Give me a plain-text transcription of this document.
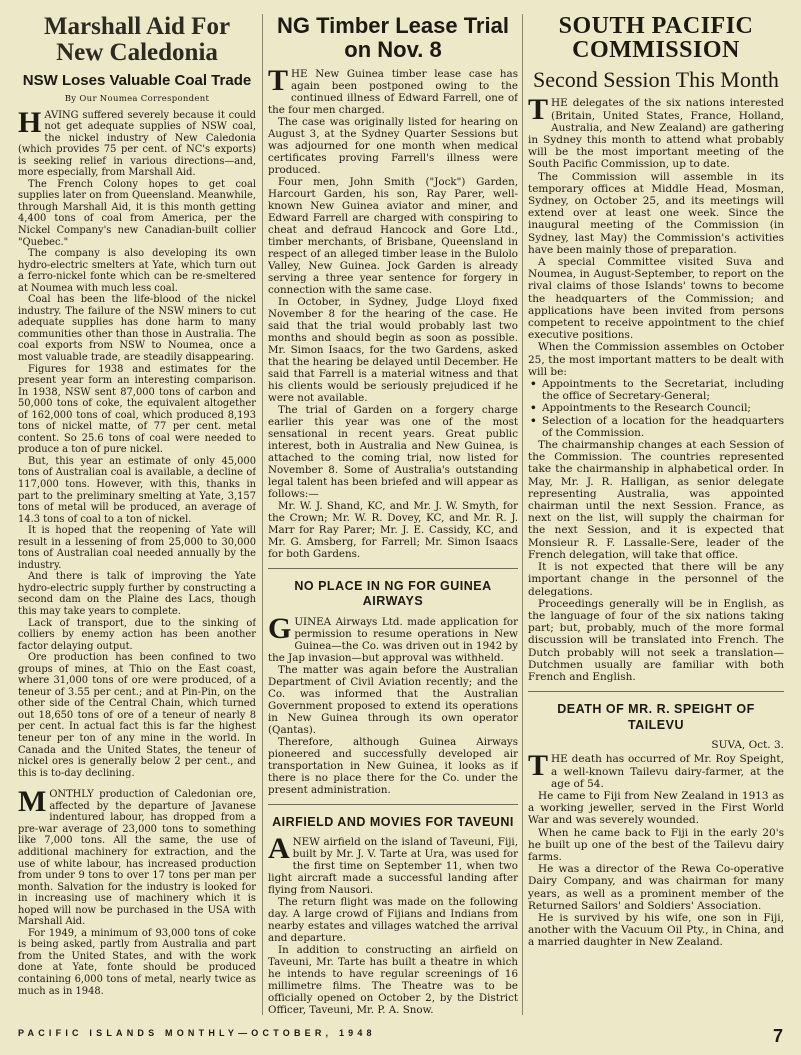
Marshall Aid For New Caledonia
NSW Loses Valuable Coal Trade
By Our Noumea Correspondent

HAVING suffered severely because it could not get adequate supplies of NSW coal, the nickel industry of New Caledonia (which provides 75 per cent. of NC's exports) is seeking relief in various directions—and, more especially, from Marshall Aid.

The French Colony hopes to get coal supplies later on from Queensland. Meanwhile, through Marshall Aid, it is this month getting 4,400 tons of coal from America, per the Nickel Company's new Canadian-built collier "Quebec."

The company is also developing its own hydro-electric smelters at Yate, which turn out a ferro-nickel fonte which can be re-smeltered at Noumea with much less coal.

Coal has been the life-blood of the nickel industry. The failure of the NSW miners to cut adequate supplies has done harm to many communities other than those in Australia. The coal exports from NSW to Noumea, once a most valuable trade, are steadily disappearing.

Figures for 1938 and estimates for the present year form an interesting comparison. In 1938, NSW sent 87,000 tons of carbon and 50,000 tons of coke, the equivalent altogether of 162,000 tons of coal, which produced 8,193 tons of nickel matte, of 77 per cent. metal content. So 25.6 tons of coal were needed to produce a ton of pure nickel.

But, this year an estimate of only 45,000 tons of Australian coal is available, a decline of 117,000 tons. However, with this, thanks in part to the preliminary smelting at Yate, 3,157 tons of metal will be produced, an average of 14.3 tons of coal to a ton of nickel.

It is hoped that the reopening of Yate will result in a lessening of from 25,000 to 30,000 tons of Australian coal needed annually by the industry.

And there is talk of improving the Yate hydro-electric supply further by constructing a second dam on the Plaine des Lacs, though this may take years to complete.

Lack of transport, due to the sinking of colliers by enemy action has been another factor delaying output.

Ore production has been confined to two groups of mines, at Thio on the East coast, where 31,000 tons of ore were produced, of a teneur of 3.55 per cent.; and at Pin-Pin, on the other side of the Central Chain, which turned out 18,650 tons of ore of a teneur of nearly 8 per cent. In actual fact this is far the highest teneur per ton of any mine in the world. In Canada and the United States, the teneur of nickel ores is generally below 2 per cent., and this is to-day declining.

MONTHLY production of Caledonian ore, affected by the departure of Javanese indentured labour, has dropped from a pre-war average of 23,000 tons to something like 7,000 tons. All the same, the use of additional machinery for extraction, and the use of white labour, has increased production from under 9 tons to over 17 tons per man per month. Salvation for the industry is looked for in increasing use of machinery which it is hoped will now be purchased in the USA with Marshall Aid.

For 1949, a minimum of 93,000 tons of coke is being asked, partly from Australia and part from the United States, and with the work done at Yate, fonte should be produced containing 6,000 tons of metal, nearly twice as much as in 1948.

NG Timber Lease Trial on Nov. 8

THE New Guinea timber lease case has again been postponed owing to the continued illness of Edward Farrell, one of the four men charged.

The case was originally listed for hearing on August 3, at the Sydney Quarter Sessions but was adjourned for one month when medical certificates proving Farrell's illness were produced.

Four men, John Smith ("Jock") Garden, Harcourt Garden, his son, Ray Parer, well-known New Guinea aviator and miner, and Edward Farrell are charged with conspiring to cheat and defraud Hancock and Gore Ltd., timber merchants, of Brisbane, Queensland in respect of an alleged timber lease in the Bulolo Valley, New Guinea. Jock Garden is already serving a three year sentence for forgery in connection with the same case.

In October, in Sydney, Judge Lloyd fixed November 8 for the hearing of the case. He said that the trial would probably last two months and should begin as soon as possible. Mr. Simon Isaacs, for the two Gardens, asked that the hearing be delayed until December. He said that Farrell is a material witness and that his clients would be seriously prejudiced if he were not available.

The trial of Garden on a forgery charge earlier this year was one of the most sensational in recent years. Great public interest, both in Australia and New Guinea, is attached to the coming trial, now listed for November 8. Some of Australia's outstanding legal talent has been briefed and will appear as follows:—

Mr. W. J. Shand, KC, and Mr. J. W. Smyth, for the Crown; Mr. W. R. Dovey, KC, and Mr. R. J. Marr for Ray Parer; Mr. J. E. Cassidy, KC, and Mr. G. Amsberg, for Farrell; Mr. Simon Isaacs for both Gardens.

NO PLACE IN NG FOR GUINEA AIRWAYS

GUINEA Airways Ltd. made application for permission to resume operations in New Guinea—the Co. was driven out in 1942 by the Jap invasion—but approval was withheld.

The matter was again before the Australian Department of Civil Aviation recently; and the Co. was informed that the Australian Government proposed to extend its operations in New Guinea through its own operator (Qantas).

Therefore, although Guinea Airways pioneered and successfully developed air transportation in New Guinea, it looks as if there is no place there for the Co. under the present administration.

AIRFIELD AND MOVIES FOR TAVEUNI

ANEW airfield on the island of Taveuni, Fiji, built by Mr. J. V. Tarte at Ura, was used for the first time on September 11, when two light aircraft made a successful landing after flying from Nausori.

The return flight was made on the following day. A large crowd of Fijians and Indians from nearby estates and villages watched the arrival and departure.

In addition to constructing an airfield on Taveuni, Mr. Tarte has built a theatre in which he intends to have regular screenings of 16 millimetre films. The Theatre was to be officially opened on October 2, by the District Officer, Taveuni, Mr. P. A. Snow.

SOUTH PACIFIC COMMISSION
Second Session This Month

THE delegates of the six nations interested (Britain, United States, France, Holland, Australia, and New Zealand) are gathering in Sydney this month to attend what probably will be the most important meeting of the South Pacific Commission, up to date.

The Commission will assemble in its temporary offices at Middle Head, Mosman, Sydney, on October 25, and its meetings will extend over at least one week. Since the inaugural meeting of the Commission (in Sydney, last May) the Commission's activities have been mainly those of preparation.

A special Committee visited Suva and Noumea, in August-September, to report on the rival claims of those Islands' towns to become the headquarters of the Commission; and applications have been invited from persons competent to receive appointment to the chief executive positions.

When the Commission assembles on October 25, the most important matters to be dealt with will be:

• Appointments to the Secretariat, including the office of Secretary-General;
• Appointments to the Research Council;
• Selection of a location for the headquarters of the Commission.

The chairmanship changes at each Session of the Commission. The countries represented take the chairmanship in alphabetical order. In May, Mr. J. R. Halligan, as senior delegate representing Australia, was appointed chairman until the next Session. France, as next on the list, will supply the chairman for the next Session, and it is expected that Monsieur R. F. Lassalle-Sere, leader of the French delegation, will take that office.

It is not expected that there will be any important change in the personnel of the delegations.

Proceedings generally will be in English, as the language of four of the six nations taking part; but, probably, much of the more formal discussion will be translated into French. The Dutch probably will not seek a translation—Dutchmen usually are familiar with both French and English.

DEATH OF MR. R. SPEIGHT OF TAILEVU
SUVA, Oct. 3.

THE death has occurred of Mr. Roy Speight, a well-known Tailevu dairy-farmer, at the age of 54.

He came to Fiji from New Zealand in 1913 as a working jeweller, served in the First World War and was severely wounded.

When he came back to Fiji in the early 20's he built up one of the best of the Tailevu dairy farms.

He was a director of the Rewa Co-operative Dairy Company, and was chairman for many years, as well as a prominent member of the Returned Sailors' and Soldiers' Association.

He is survived by his wife, one son in Fiji, another with the Vacuum Oil Pty., in China, and a married daughter in New Zealand.

PACIFIC ISLANDS MONTHLY—OCTOBER, 1948	7
